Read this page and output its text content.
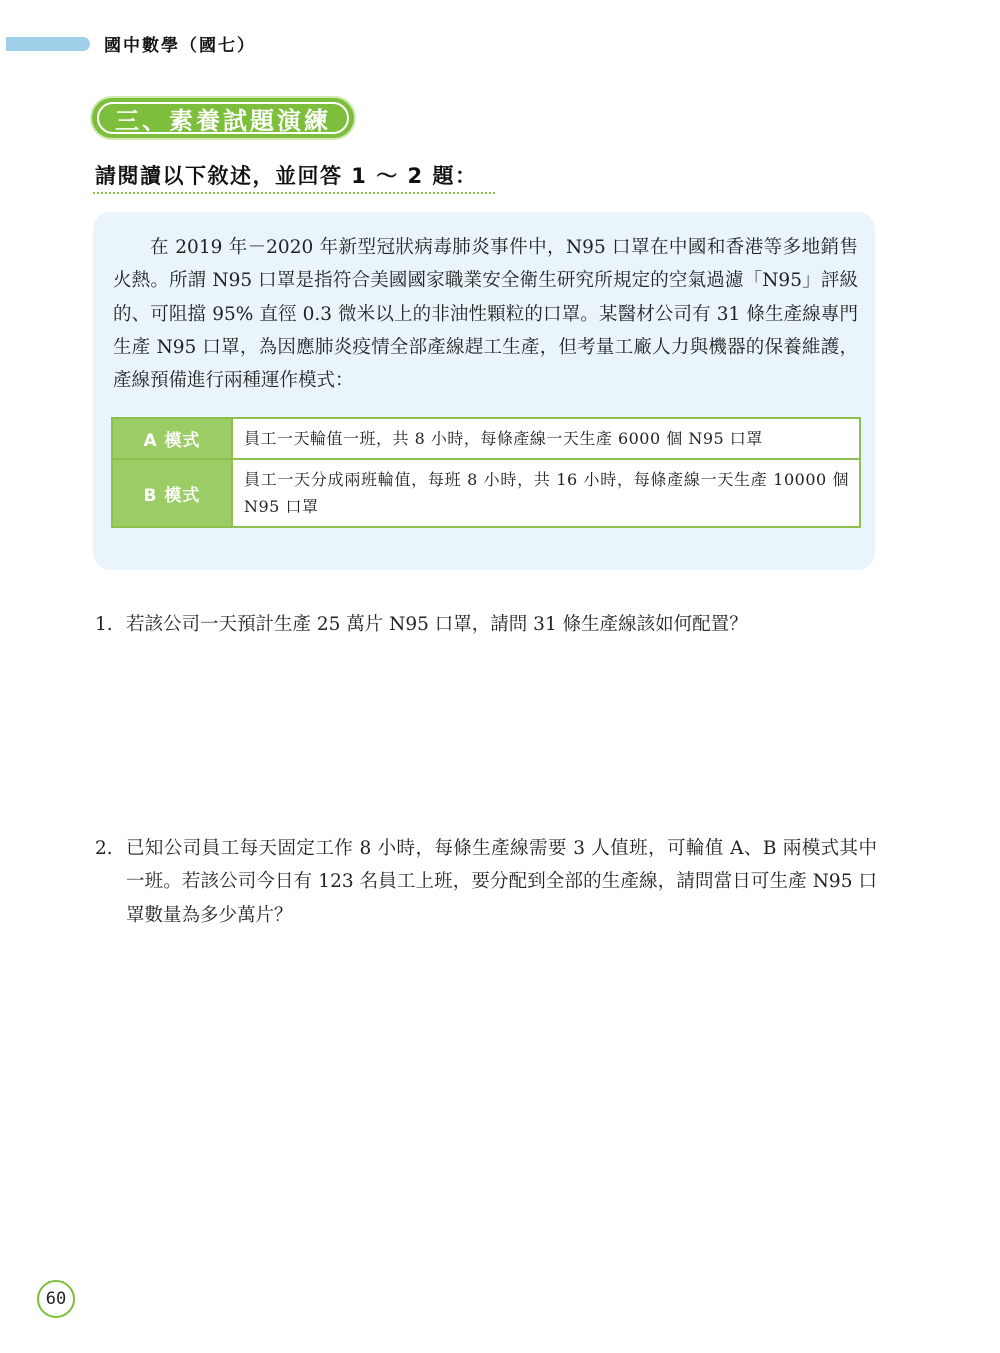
國中數學（國七）
三、素養試題演練
請閱讀以下敘述，並回答 1 ～ 2 題：

在 2019 年－2020 年新型冠狀病毒肺炎事件中，N95 口罩在中國和香港等多地銷售火熱。所謂 N95 口罩是指符合美國國家職業安全衛生研究所規定的空氣過濾「N95」評級的、可阻擋 95% 直徑 0.3 微米以上的非油性顆粒的口罩。某醫材公司有 31 條生產線專門生產 N95 口罩，為因應肺炎疫情全部產線趕工生產，但考量工廠人力與機器的保養維護，產線預備進行兩種運作模式：

A 模式	員工一天輪值一班，共 8 小時，每條產線一天生產 6000 個 N95 口罩
B 模式	員工一天分成兩班輪值，每班 8 小時，共 16 小時，每條產線一天生產 10000 個 N95 口罩
1. 若該公司一天預計生產 25 萬片 N95 口罩，請問 31 條生產線該如何配置？
2. 已知公司員工每天固定工作 8 小時，每條生產線需要 3 人值班，可輪值 A、B 兩模式其中一班。若該公司今日有 123 名員工上班，要分配到全部的生產線，請問當日可生產 N95 口罩數量為多少萬片？
60
